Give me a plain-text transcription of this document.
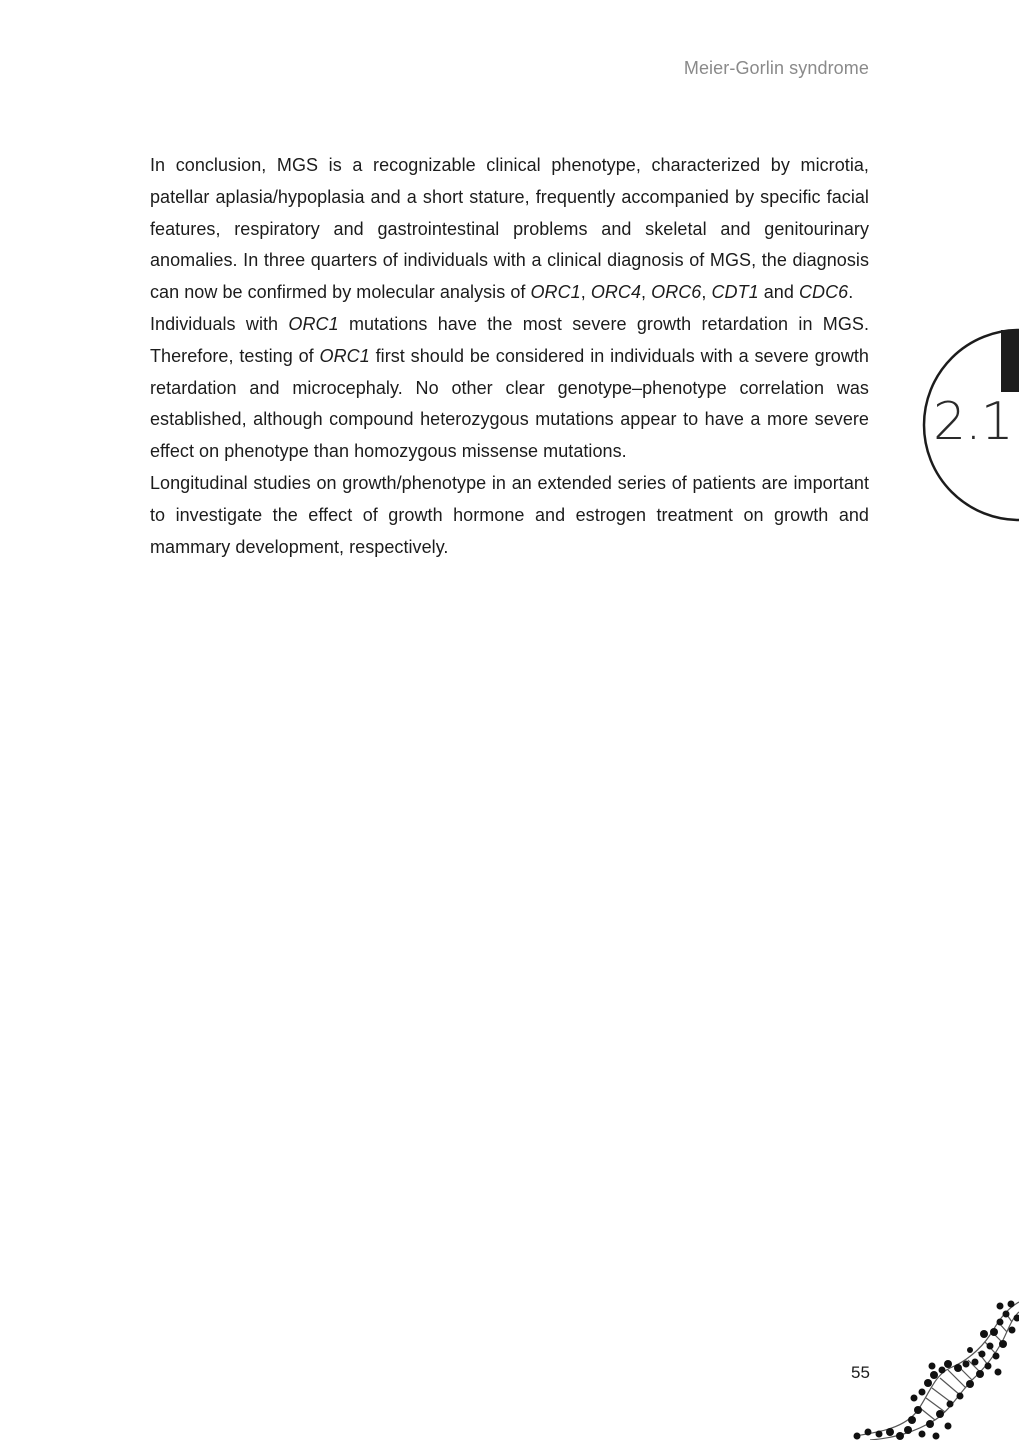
Meier-Gorlin syndrome

In conclusion, MGS is a recognizable clinical phenotype, characterized by microtia, patellar aplasia/hypoplasia and a short stature, frequently accompanied by specific facial features, respiratory and gastrointestinal problems and skeletal and genitourinary anomalies. In three quarters of individuals with a clinical diagnosis of MGS, the diagnosis can now be confirmed by molecular analysis of ORC1, ORC4, ORC6, CDT1 and CDC6.

Individuals with ORC1 mutations have the most severe growth retardation in MGS. Therefore, testing of ORC1 first should be considered in individuals with a severe growth retardation and microcephaly. No other clear genotype–phenotype correlation was established, although compound heterozygous mutations appear to have a more severe effect on phenotype than homozygous missense mutations.

Longitudinal studies on growth/phenotype in an extended series of patients are important to investigate the effect of growth hormone and estrogen treatment on growth and mammary development, respectively.

2.1
55
